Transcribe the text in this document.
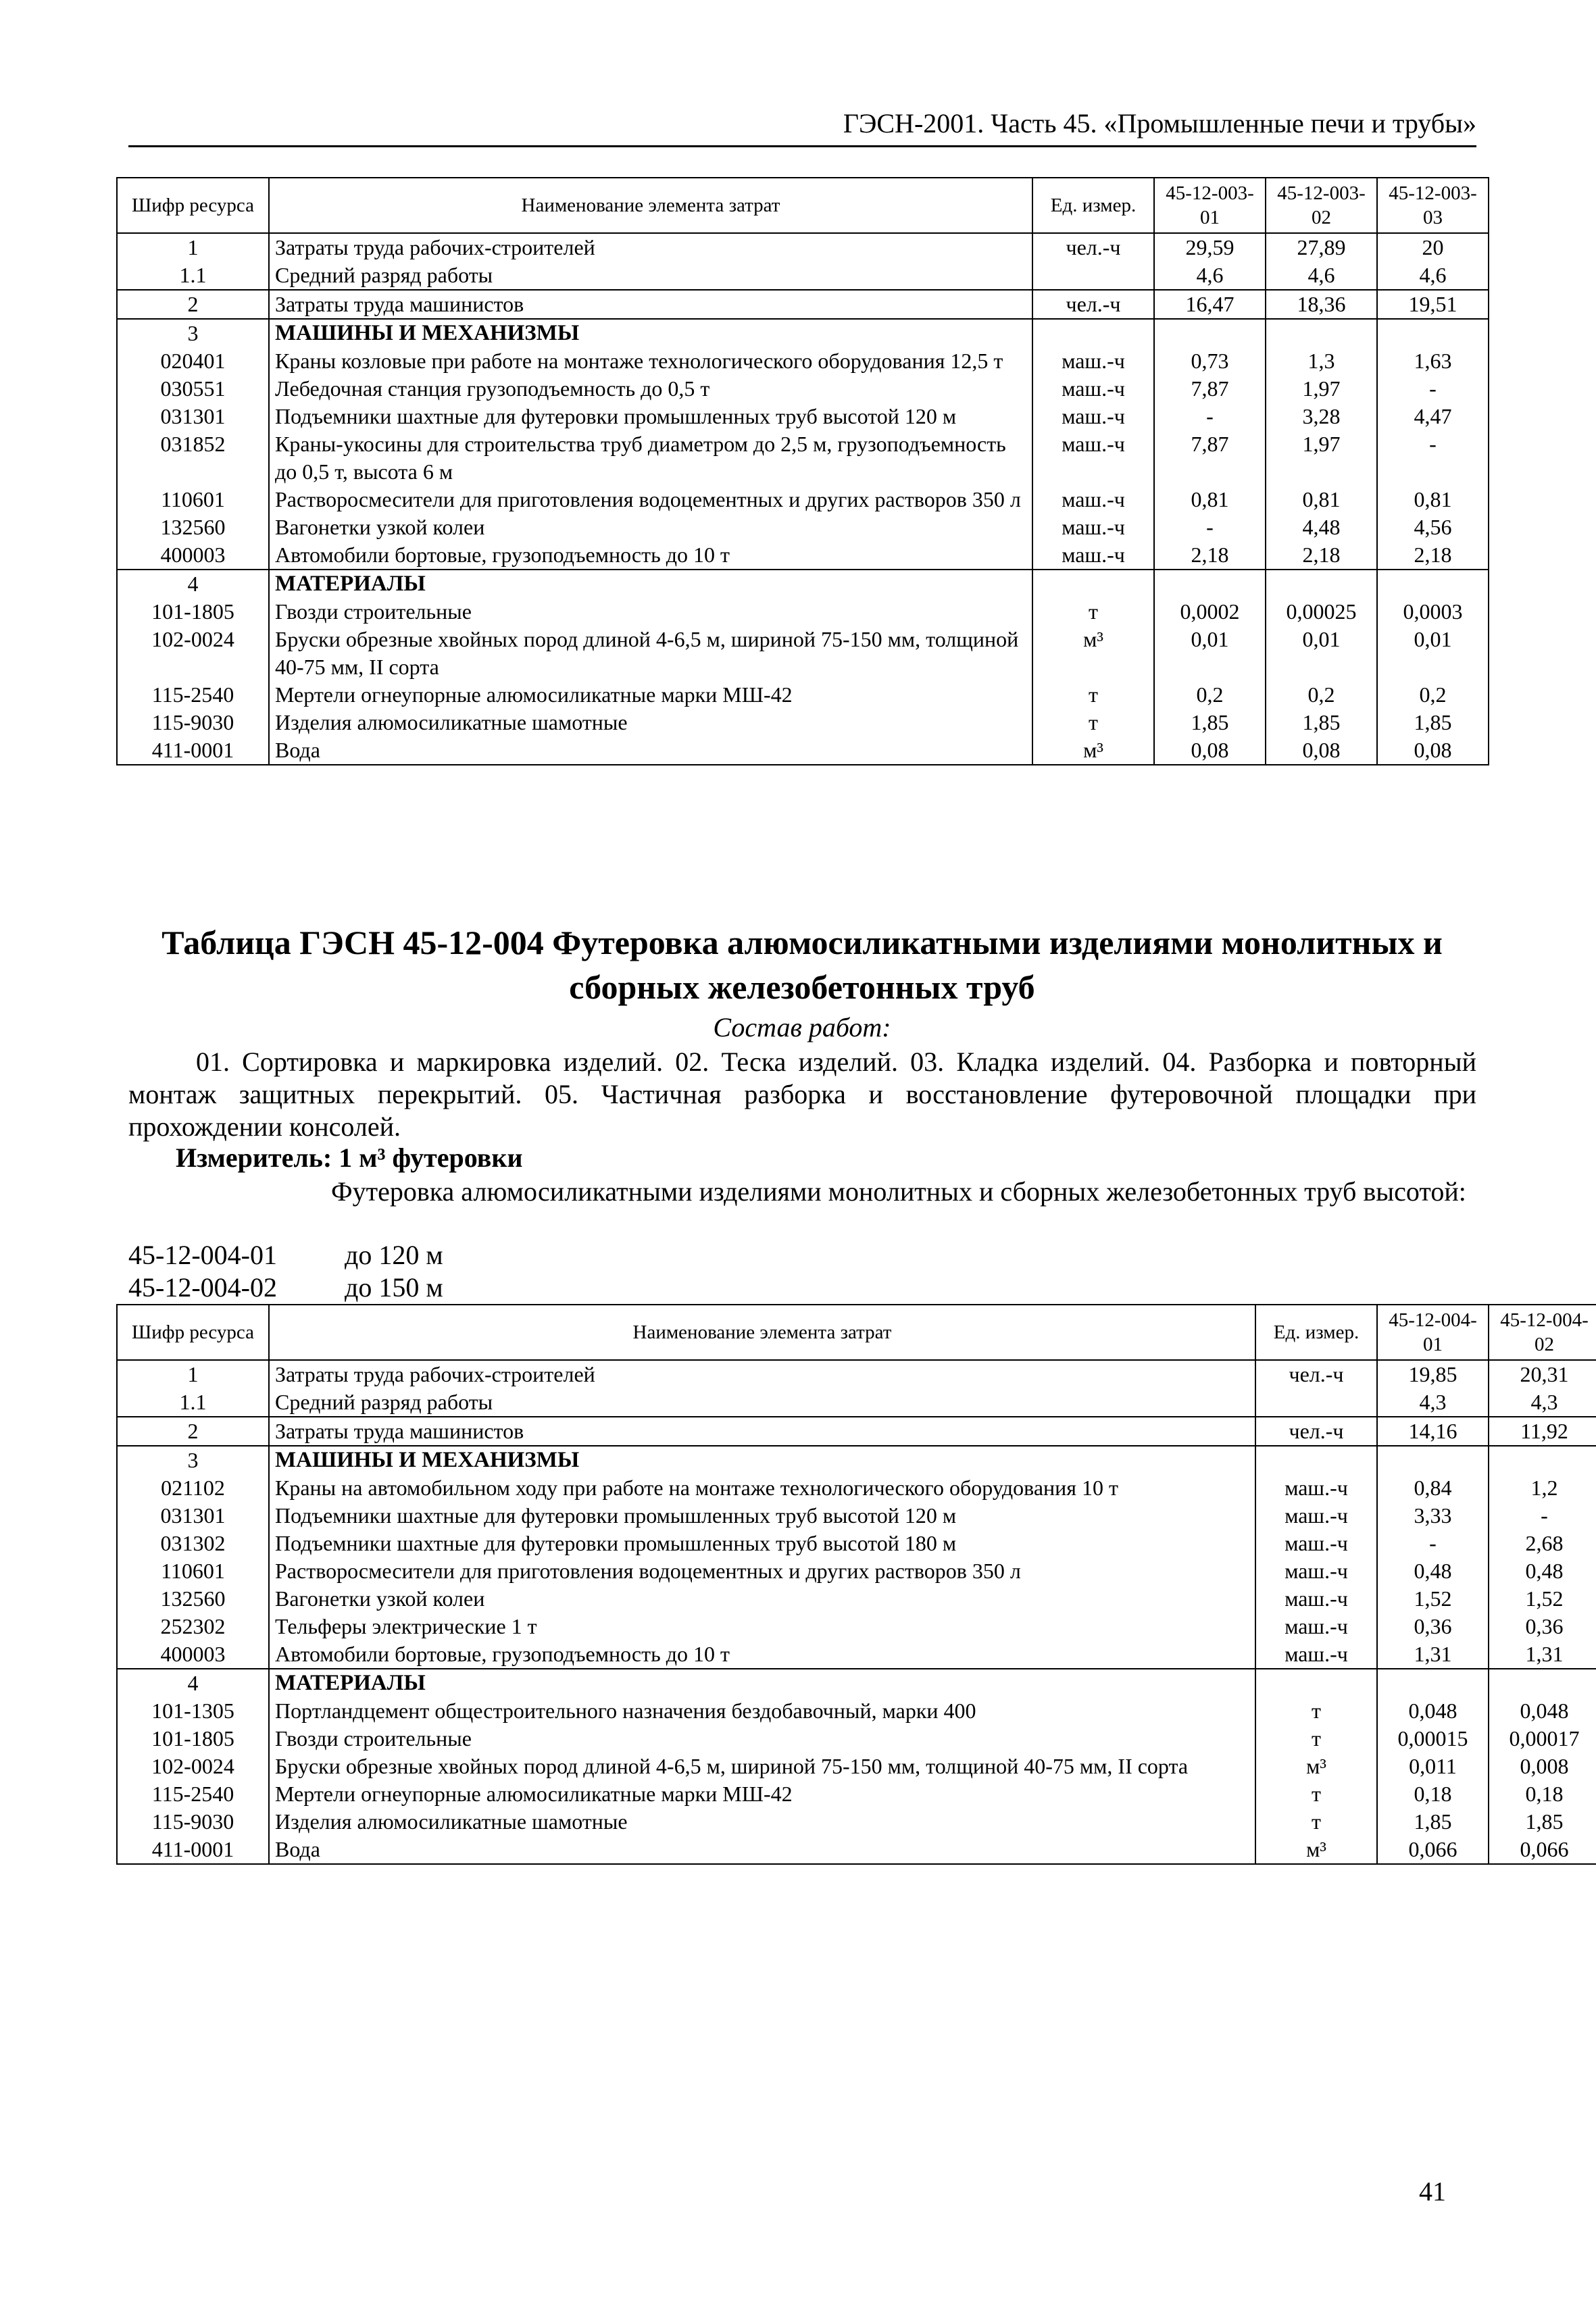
ГЭСН-2001. Часть 45. «Промышленные печи и трубы»
Шифр ресурса	Наименование элемента затрат	Ед. измер.	45-12-003-01	45-12-003-02	45-12-003-03
1	Затраты труда рабочих-строителей	чел.-ч	29,59	27,89	20
1.1	Средний разряд работы		4,6	4,6	4,6
2	Затраты труда машинистов	чел.-ч	16,47	18,36	19,51
3	МАШИНЫ И МЕХАНИЗМЫ				
020401	Краны козловые при работе на монтаже технологического оборудования 12,5 т	маш.-ч	0,73	1,3	1,63
030551	Лебедочная станция грузоподъемность до 0,5 т	маш.-ч	7,87	1,97	-
031301	Подъемники шахтные для футеровки промышленных труб высотой 120 м	маш.-ч	-	3,28	4,47
031852	Краны-укосины для строительства труб диаметром до 2,5 м, грузоподъемность до 0,5 т, высота 6 м	маш.-ч	7,87	1,97	-
110601	Растворосмесители для приготовления водоцементных и других растворов 350 л	маш.-ч	0,81	0,81	0,81
132560	Вагонетки узкой колеи	маш.-ч	-	4,48	4,56
400003	Автомобили бортовые, грузоподъемность до 10 т	маш.-ч	2,18	2,18	2,18
4	МАТЕРИАЛЫ				
101-1805	Гвозди строительные	т	0,0002	0,00025	0,0003
102-0024	Бруски обрезные хвойных пород длиной 4-6,5 м, шириной 75-150 мм, толщиной 40-75 мм, II сорта	м³	0,01	0,01	0,01
115-2540	Мертели огнеупорные алюмосиликатные марки МШ-42	т	0,2	0,2	0,2
115-9030	Изделия алюмосиликатные шамотные	т	1,85	1,85	1,85
411-0001	Вода	м³	0,08	0,08	0,08
Таблица ГЭСН 45-12-004 Футеровка алюмосиликатными изделиями монолитных и сборных железобетонных труб
Состав работ:
01. Сортировка и маркировка изделий. 02. Теска изделий. 03. Кладка изделий. 04. Разборка и повторный монтаж защитных перекрытий. 05. Частичная разборка и восстановление футеровочной площадки при прохождении консолей.
Измеритель: 1 м³ футеровки
Футеровка алюмосиликатными изделиями монолитных и сборных железобетонных труб высотой:
45-12-004-01	до 120 м
45-12-004-02	до 150 м
Шифр ресурса	Наименование элемента затрат	Ед. измер.	45-12-004-01	45-12-004-02
1	Затраты труда рабочих-строителей	чел.-ч	19,85	20,31
1.1	Средний разряд работы		4,3	4,3
2	Затраты труда машинистов	чел.-ч	14,16	11,92
3	МАШИНЫ И МЕХАНИЗМЫ			
021102	Краны на автомобильном ходу при работе на монтаже технологического оборудования 10 т	маш.-ч	0,84	1,2
031301	Подъемники шахтные для футеровки промышленных труб высотой 120 м	маш.-ч	3,33	-
031302	Подъемники шахтные для футеровки промышленных труб высотой 180 м	маш.-ч	-	2,68
110601	Растворосмесители для приготовления водоцементных и других растворов 350 л	маш.-ч	0,48	0,48
132560	Вагонетки узкой колеи	маш.-ч	1,52	1,52
252302	Тельферы электрические 1 т	маш.-ч	0,36	0,36
400003	Автомобили бортовые, грузоподъемность до 10 т	маш.-ч	1,31	1,31
4	МАТЕРИАЛЫ			
101-1305	Портландцемент общестроительного назначения бездобавочный, марки 400	т	0,048	0,048
101-1805	Гвозди строительные	т	0,00015	0,00017
102-0024	Бруски обрезные хвойных пород длиной 4-6,5 м, шириной 75-150 мм, толщиной 40-75 мм, II сорта	м³	0,011	0,008
115-2540	Мертели огнеупорные алюмосиликатные марки МШ-42	т	0,18	0,18
115-9030	Изделия алюмосиликатные шамотные	т	1,85	1,85
411-0001	Вода	м³	0,066	0,066
41
